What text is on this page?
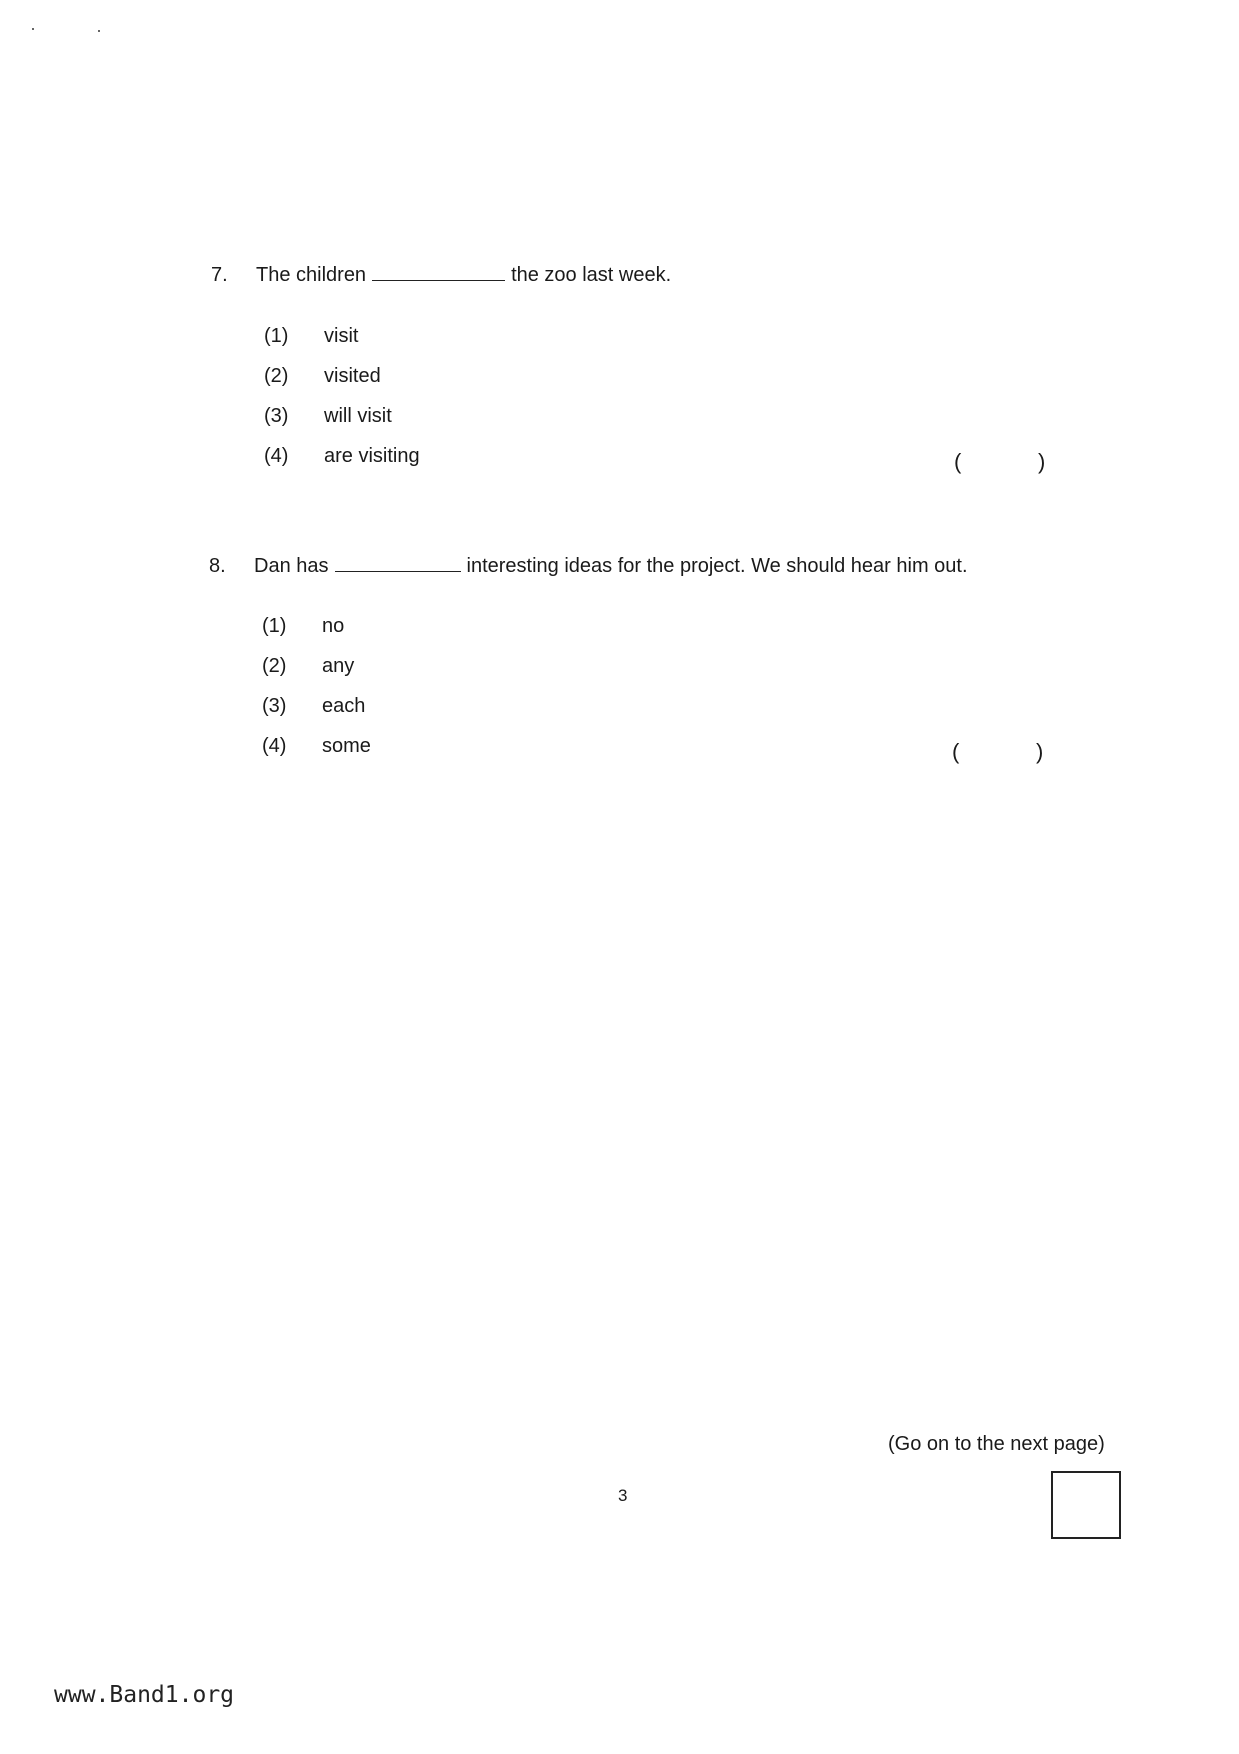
7. The children	the zoo last week.
(1) visit
(2) visited
(3) will visit
(4) are visiting	(	)
8. Dan has	interesting ideas for the project. We should hear him out.
(1) no
(2) any
(3) each
(4) some	(	)
(Go on to the next page)
3
www.Band1.org
